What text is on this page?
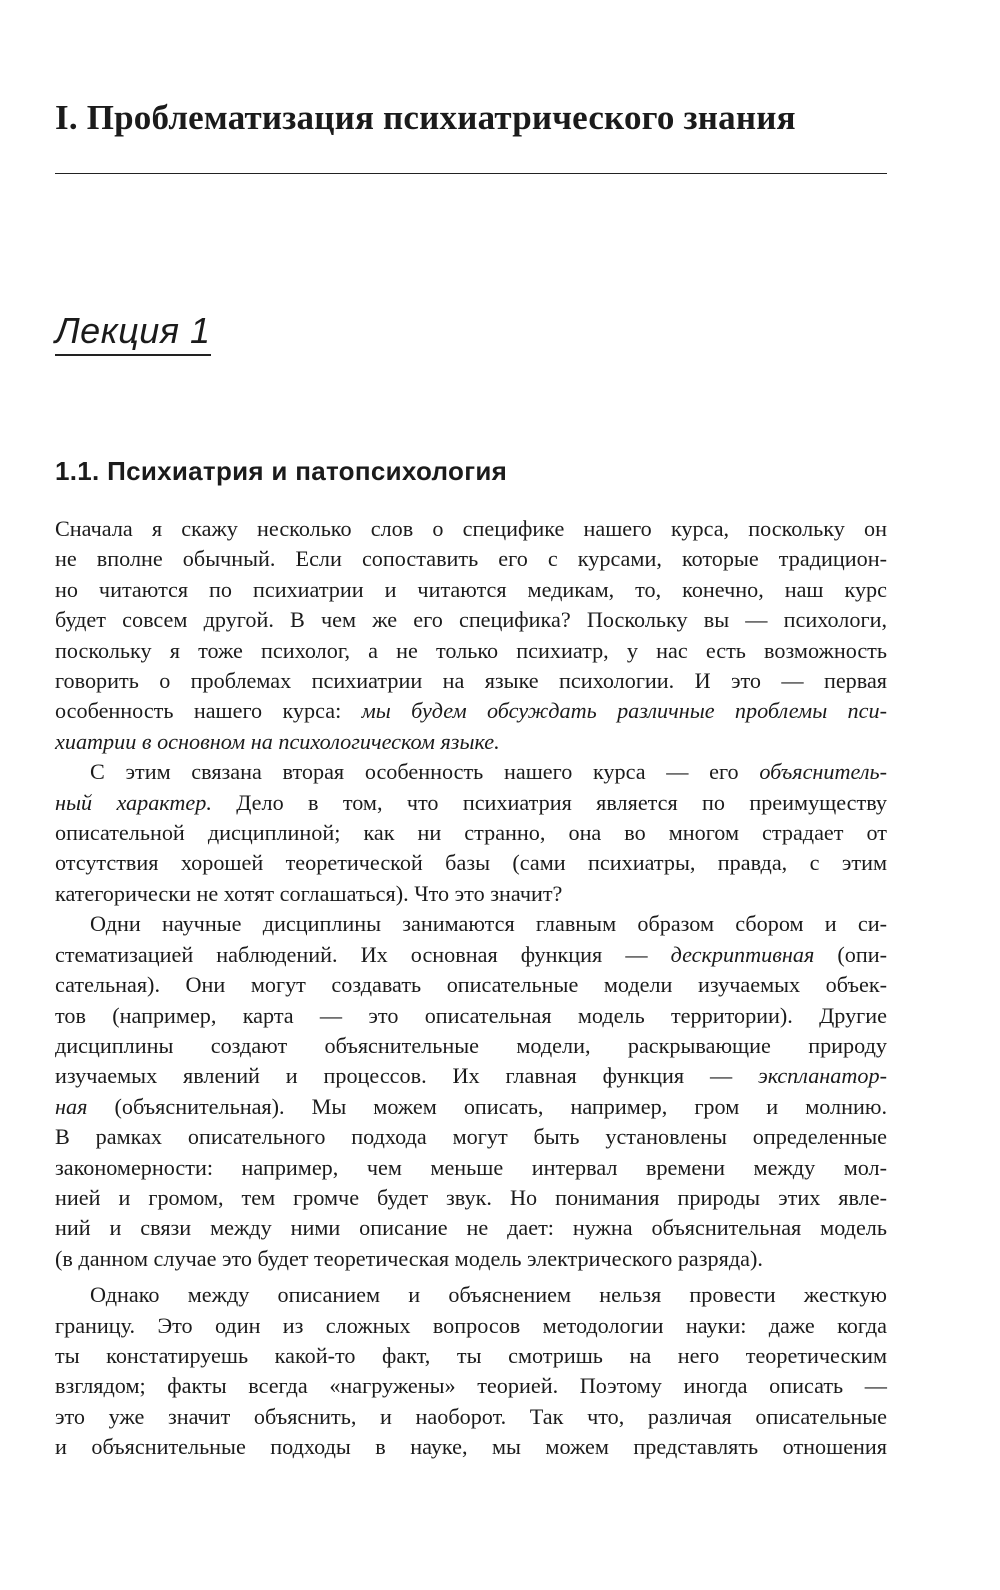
I. Проблематизация психиатрического знания
Лекция 1
1.1. Психиатрия и патопсихология
Сначала я скажу несколько слов о специфике нашего курса, поскольку он
не вполне обычный. Если сопоставить его с курсами, которые традицион-
но читаются по психиатрии и читаются медикам, то, конечно, наш курс
будет совсем другой. В чем же его специфика? Поскольку вы — психологи,
поскольку я тоже психолог, а не только психиатр, у нас есть возможность
говорить о проблемах психиатрии на языке психологии. И это — первая
особенность нашего курса: мы будем обсуждать различные проблемы пси-
хиатрии в основном на психологическом языке.
С этим связана вторая особенность нашего курса — его объяснитель-
ный характер. Дело в том, что психиатрия является по преимуществу
описательной дисциплиной; как ни странно, она во многом страдает от
отсутствия хорошей теоретической базы (сами психиатры, правда, с этим
категорически не хотят соглашаться). Что это значит?
Одни научные дисциплины занимаются главным образом сбором и си-
стематизацией наблюдений. Их основная функция — дескриптивная (опи-
сательная). Они могут создавать описательные модели изучаемых объек-
тов (например, карта — это описательная модель территории). Другие
дисциплины создают объяснительные модели, раскрывающие природу
изучаемых явлений и процессов. Их главная функция — экспланатор-
ная (объяснительная). Мы можем описать, например, гром и молнию.
В рамках описательного подхода могут быть установлены определенные
закономерности: например, чем меньше интервал времени между мол-
нией и громом, тем громче будет звук. Но понимания природы этих явле-
ний и связи между ними описание не дает: нужна объяснительная модель
(в данном случае это будет теоретическая модель электрического разряда).
Однако между описанием и объяснением нельзя провести жесткую
границу. Это один из сложных вопросов методологии науки: даже когда
ты констатируешь какой-то факт, ты смотришь на него теоретическим
взглядом; факты всегда «нагружены» теорией. Поэтому иногда описать —
это уже значит объяснить, и наоборот. Так что, различая описательные
и объяснительные подходы в науке, мы можем представлять отношения
